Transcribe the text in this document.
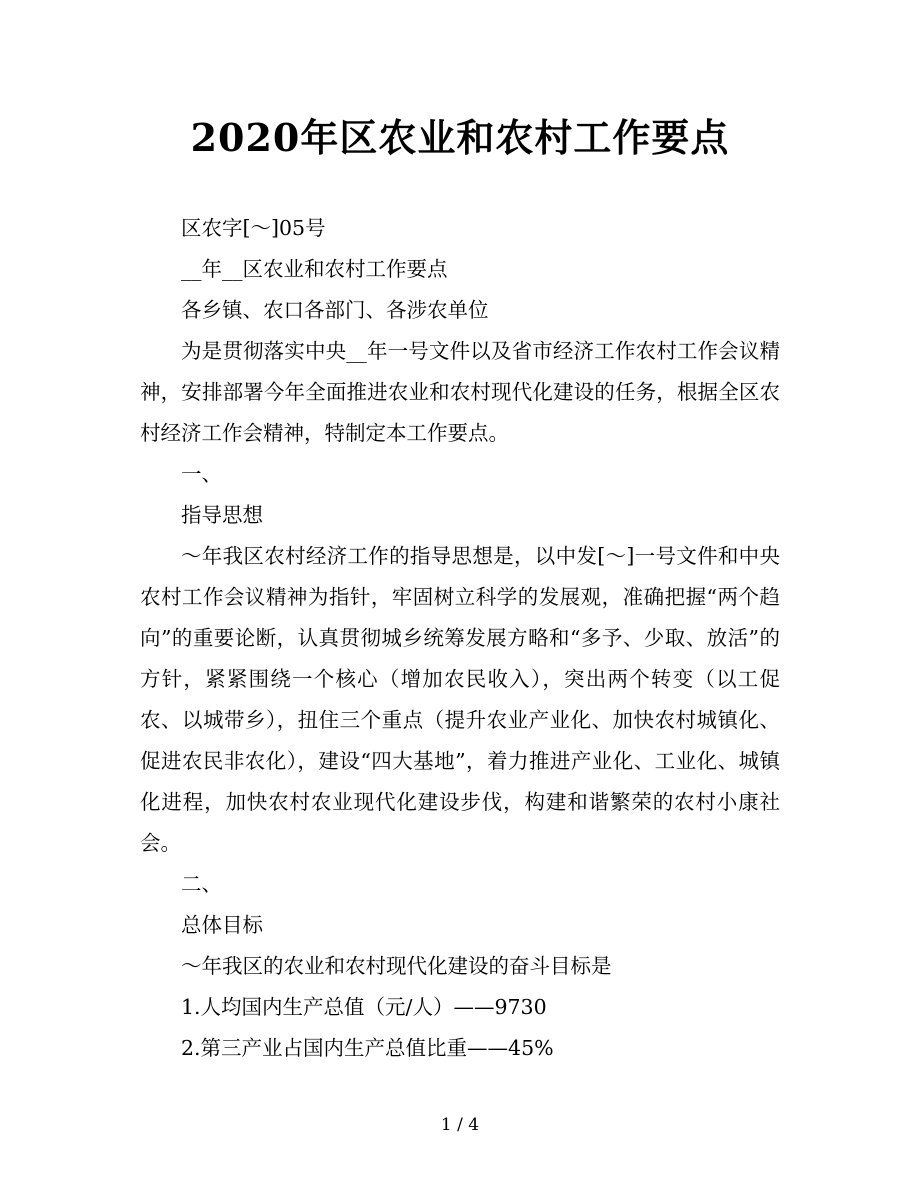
2020年区农业和农村工作要点

区农字[～]05号

__年__区农业和农村工作要点

各乡镇、农口各部门、各涉农单位

为是贯彻落实中央__年一号文件以及省市经济工作农村工作会议精神，安排部署今年全面推进农业和农村现代化建设的任务，根据全区农村经济工作会精神，特制定本工作要点。

一、

指导思想

～年我区农村经济工作的指导思想是，以中发[～]一号文件和中央农村工作会议精神为指针，牢固树立科学的发展观，准确把握“两个趋向”的重要论断，认真贯彻城乡统筹发展方略和“多予、少取、放活”的方针，紧紧围绕一个核心（增加农民收入），突出两个转变（以工促农、以城带乡），扭住三个重点（提升农业产业化、加快农村城镇化、促进农民非农化），建设“四大基地”，着力推进产业化、工业化、城镇化进程，加快农村农业现代化建设步伐，构建和谐繁荣的农村小康社会。

二、

总体目标

～年我区的农业和农村现代化建设的奋斗目标是

1.人均国内生产总值（元/人）——9730

2.第三产业占国内生产总值比重——45%

1 / 4
